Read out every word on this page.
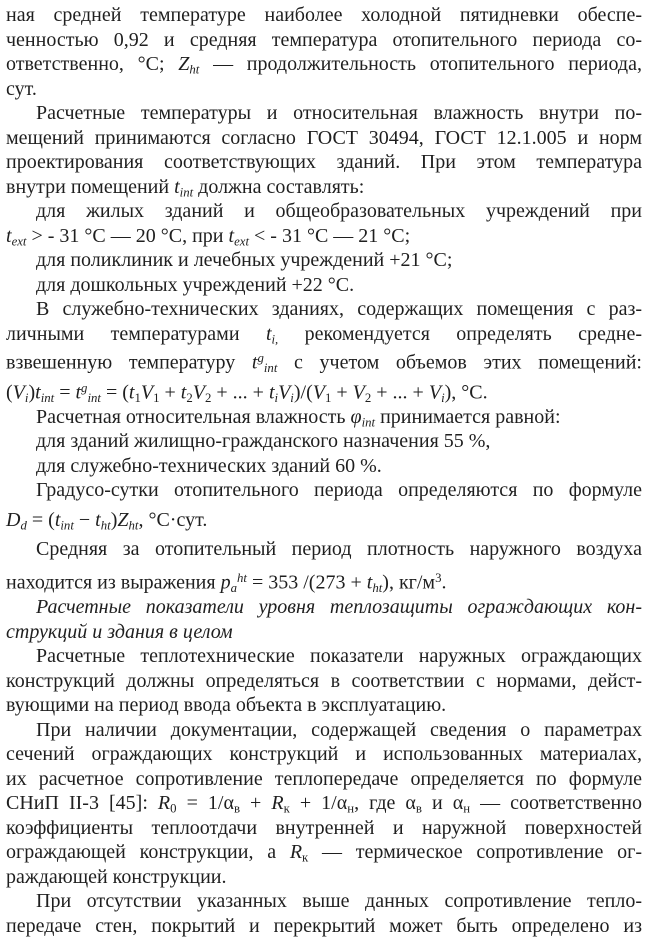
ная средней температуре наиболее холодной пятидневки обеспе-
ченностью 0,92 и средняя температура отопительного периода со-
ответственно, °С; Zht — продолжительность отопительного периода,
сут.
Расчетные температуры и относительная влажность внутри по-
мещений принимаются согласно ГОСТ 30494, ГОСТ 12.1.005 и норм
проектирования соответствующих зданий. При этом температура
внутри помещений tint должна составлять:
для жилых зданий и общеобразовательных учреждений при
text > - 31 °С — 20 °С, при text < - 31 °С — 21 °С;
для поликлиник и лечебных учреждений +21 °С;
для дошкольных учреждений +22 °С.
В служебно-технических зданиях, содержащих помещения с раз-
личными температурами ti, рекомендуется определять средне-
взвешенную температуру $t^gint$ с учетом объемов этих помещений:
(Vi)tint = $t^gint = (t1V1 + t2V2$ + ... + tiVi)/(V1 + V2 + ... + Vi), °С.
Расчетная относительная влажность φint принимается равной:
для зданий жилищно-гражданского назначения 55 %,
для служебно-технических зданий 60 %.
Градусо-сутки отопительного периода определяются по формуле
Dd = (tint − tht)Zht, °С·сут.
Средняя за отопительный период плотность наружного воздуха
находится из выражения $pa^{ht} = 353$ /(273 + tht), $кг/м^3$.
Расчетные показатели уровня теплозащиты ограждающих кон-
струкций и здания в целом
Расчетные теплотехнические показатели наружных ограждающих
конструкций должны определяться в соответствии с нормами, дейст-
вующими на период ввода объекта в эксплуатацию.
При наличии документации, содержащей сведения о параметрах
сечений ограждающих конструкций и использованных материалах,
их расчетное сопротивление теплопередаче определяется по формуле
СНиП II-3 [45]: R0 = 1/αв + Rк + 1/αн, где αв и αн — соответственно
коэффициенты теплоотдачи внутренней и наружной поверхностей
ограждающей конструкции, а Rк — термическое сопротивление ог-
раждающей конструкции.
При отсутствии указанных выше данных сопротивление тепло-
передаче стен, покрытий и перекрытий может быть определено из
